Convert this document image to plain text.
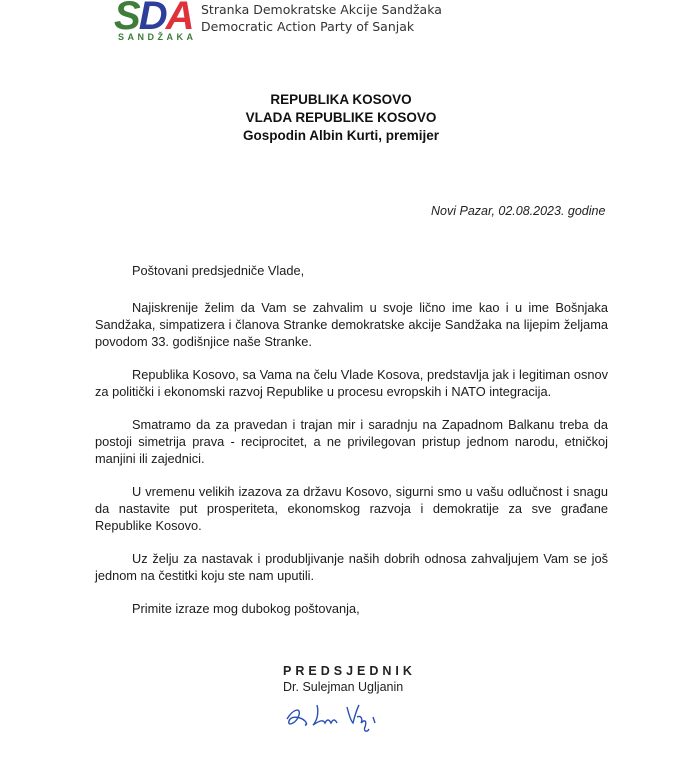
SDA
SANDŽAKA
Stranka Demokratske Akcije Sandžaka
Democratic Action Party of Sanjak
REPUBLIKA KOSOVO
VLADA REPUBLIKE KOSOVO
Gospodin Albin Kurti, premijer
Novi Pazar, 02.08.2023. godine

Poštovani predsjedniče Vlade,

Najiskrenije želim da Vam se zahvalim u svoje lično ime kao i u ime Bošnjaka Sandžaka, simpatizera i članova Stranke demokratske akcije Sandžaka na lijepim željama povodom 33. godišnjice naše Stranke.

Republika Kosovo, sa Vama na čelu Vlade Kosova, predstavlja jak i legitiman osnov za politički i ekonomski razvoj Republike u procesu evropskih i NATO integracija.

Smatramo da za pravedan i trajan mir i saradnju na Zapadnom Balkanu treba da postoji simetrija prava - reciprocitet, a ne privilegovan pristup jednom narodu, etničkoj manjini ili zajednici.

U vremenu velikih izazova za državu Kosovo, sigurni smo u vašu odlučnost i snagu da nastavite put prosperiteta, ekonomskog razvoja i demokratije za sve građane Republike Kosovo.

Uz želju za nastavak i produbljivanje naših dobrih odnosa zahvaljujem Vam se još jednom na čestitki koju ste nam uputili.

Primite izraze mog dubokog poštovanja,

PREDSJEDNIK
Dr. Sulejman Ugljanin
